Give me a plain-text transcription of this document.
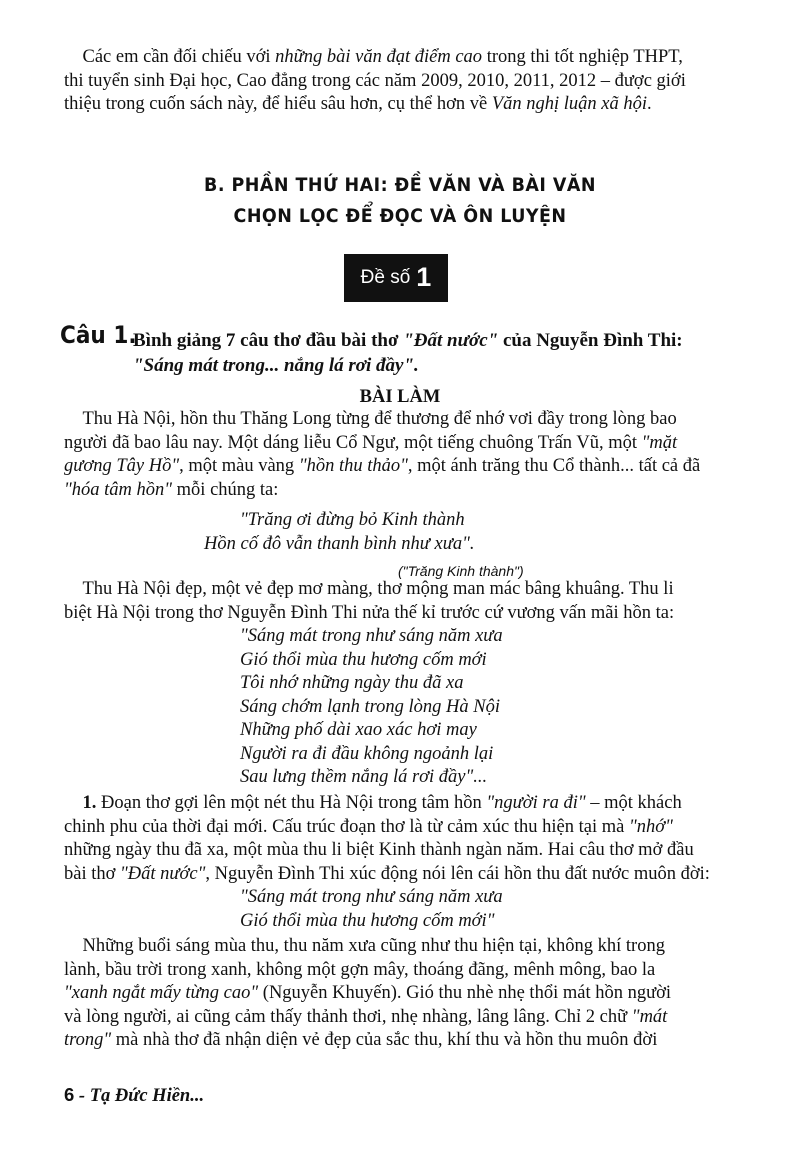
 Các em cần đối chiếu với những bài văn đạt điểm cao trong thi tốt nghiệp THPT,
thi tuyển sinh Đại học, Cao đẳng trong các năm 2009, 2010, 2011, 2012 – được giới
thiệu trong cuốn sách này, để hiểu sâu hơn, cụ thể hơn về Văn nghị luận xã hội.
B. PHẦN THỨ HAI: ĐỀ VĂN VÀ BÀI VĂN
CHỌN LỌC ĐỂ ĐỌC VÀ ÔN LUYỆN
Đề số 1
Câu 1.
Bình giảng 7 câu thơ đầu bài thơ "Đất nước" của Nguyễn Đình Thi:
"Sáng mát trong... nắng lá rơi đầy".
BÀI LÀM
 Thu Hà Nội, hồn thu Thăng Long từng để thương để nhớ vơi đầy trong lòng bao
người đã bao lâu nay. Một dáng liễu Cổ Ngư, một tiếng chuông Trấn Vũ, một "mặt
gương Tây Hồ", một màu vàng "hồn thu thảo", một ánh trăng thu Cổ thành... tất cả đã
"hóa tâm hồn" mỗi chúng ta:
"Trăng ơi đừng bỏ Kinh thành
Hồn cố đô vẫn thanh bình như xưa".
("Trăng Kinh thành")
 Thu Hà Nội đẹp, một vẻ đẹp mơ màng, thơ mộng man mác bâng khuâng. Thu li
biệt Hà Nội trong thơ Nguyễn Đình Thi nửa thế kỉ trước cứ vương vấn mãi hồn ta:
"Sáng mát trong như sáng năm xưa
Gió thổi mùa thu hương cốm mới
Tôi nhớ những ngày thu đã xa
Sáng chớm lạnh trong lòng Hà Nội
Những phố dài xao xác hơi may
Người ra đi đầu không ngoảnh lại
Sau lưng thềm nắng lá rơi đầy"...
 1. Đoạn thơ gợi lên một nét thu Hà Nội trong tâm hồn "người ra đi" – một khách
chinh phu của thời đại mới. Cấu trúc đoạn thơ là từ cảm xúc thu hiện tại mà "nhớ"
những ngày thu đã xa, một mùa thu li biệt Kinh thành ngàn năm. Hai câu thơ mở đầu
bài thơ "Đất nước", Nguyễn Đình Thi xúc động nói lên cái hồn thu đất nước muôn đời:
"Sáng mát trong như sáng năm xưa
Gió thổi mùa thu hương cốm mới"
 Những buổi sáng mùa thu, thu năm xưa cũng như thu hiện tại, không khí trong
lành, bầu trời trong xanh, không một gợn mây, thoáng đãng, mênh mông, bao la
"xanh ngắt mấy từng cao" (Nguyễn Khuyến). Gió thu nhè nhẹ thổi mát hồn người
và lòng người, ai cũng cảm thấy thảnh thơi, nhẹ nhàng, lâng lâng. Chỉ 2 chữ "mát
trong" mà nhà thơ đã nhận diện vẻ đẹp của sắc thu, khí thu và hồn thu muôn đời
6 - Tạ Đức Hiền...
